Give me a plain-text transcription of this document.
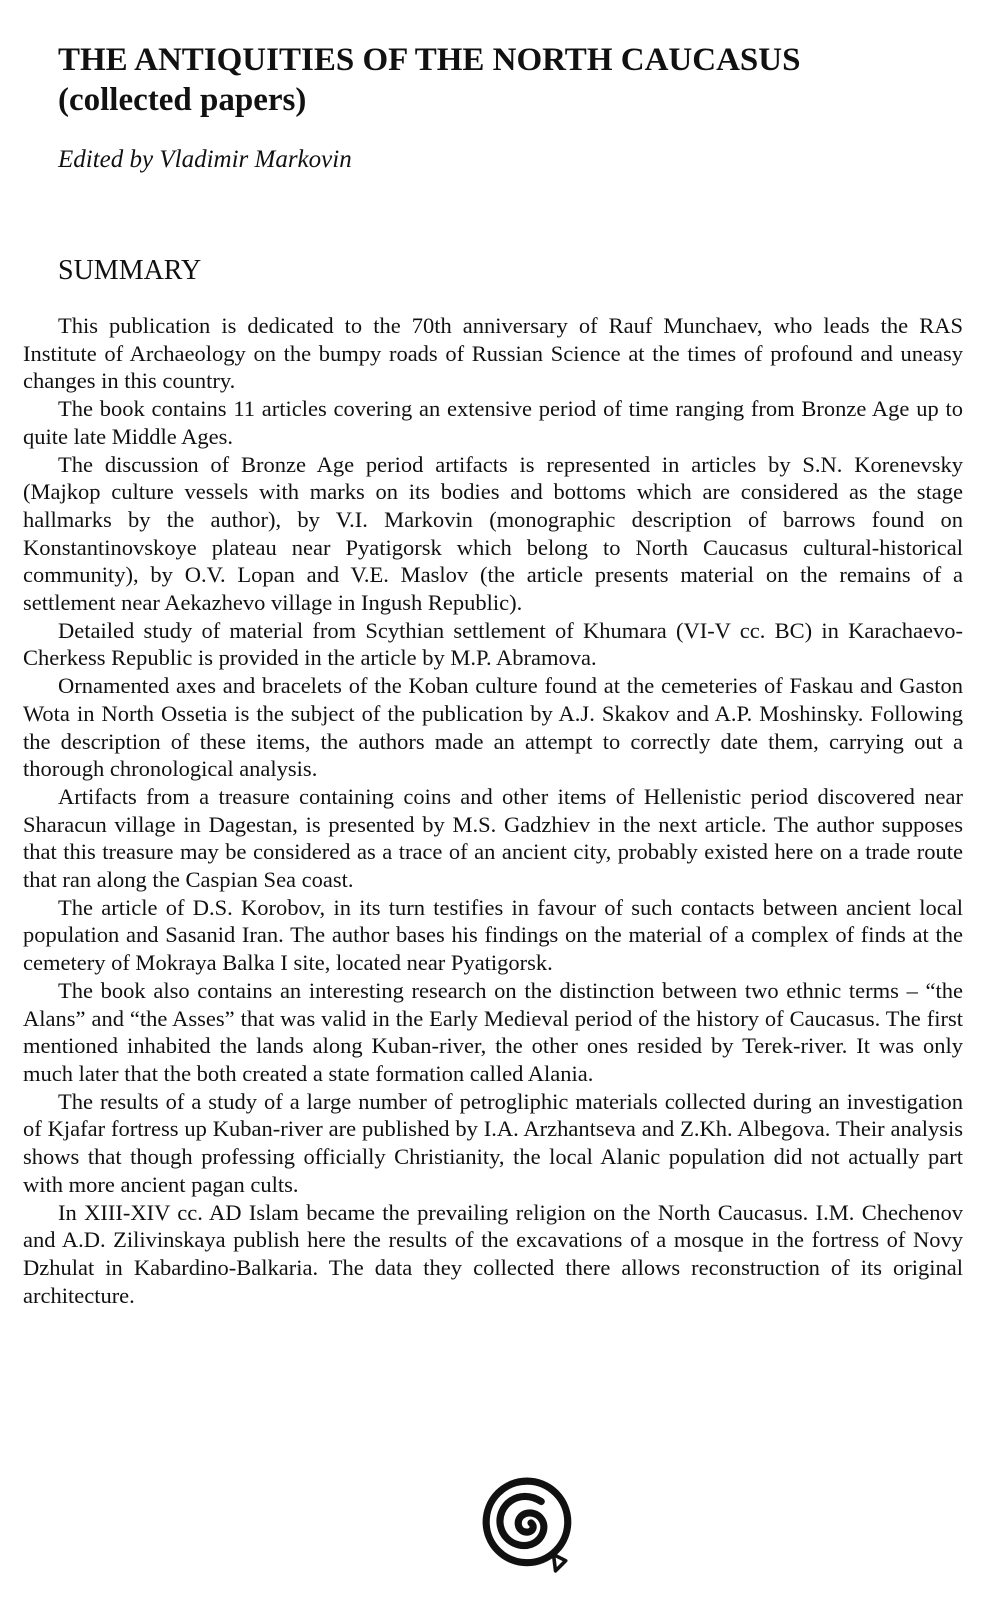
THE ANTIQUITIES OF THE NORTH CAUCASUS
(collected papers)

Edited by Vladimir Markovin

SUMMARY

This publication is dedicated to the 70th anniversary of Rauf Munchaev, who leads the RAS Institute of Archaeology on the bumpy roads of Russian Science at the times of profound and uneasy changes in this country.

The book contains 11 articles covering an extensive period of time ranging from Bronze Age up to quite late Middle Ages.

The discussion of Bronze Age period artifacts is represented in articles by S.N. Korenevsky (Majkop culture vessels with marks on its bodies and bottoms which are considered as the stage hallmarks by the author), by V.I. Markovin (monographic description of barrows found on Konstantinovskoye plateau near Pyatigorsk which belong to North Caucasus cultural-historical community), by O.V. Lopan and V.E. Maslov (the article presents material on the remains of a settlement near Aekazhevo village in Ingush Republic).

Detailed study of material from Scythian settlement of Khumara (VI-V cc. BC) in Karachaevo-Cherkess Republic is provided in the article by M.P. Abramova.

Ornamented axes and bracelets of the Koban culture found at the cemeteries of Faskau and Gaston Wota in North Ossetia is the subject of the publication by A.J. Skakov and A.P. Moshinsky. Following the description of these items, the authors made an attempt to correctly date them, carrying out a thorough chronological analysis.

Artifacts from a treasure containing coins and other items of Hellenistic period discovered near Sharacun village in Dagestan, is presented by M.S. Gadzhiev in the next article. The author supposes that this treasure may be considered as a trace of an ancient city, probably existed here on a trade route that ran along the Caspian Sea coast.

The article of D.S. Korobov, in its turn testifies in favour of such contacts between ancient local population and Sasanid Iran. The author bases his findings on the material of a complex of finds at the cemetery of Mokraya Balka I site, located near Pyatigorsk.

The book also contains an interesting research on the distinction between two ethnic terms – “the Alans” and “the Asses” that was valid in the Early Medieval period of the history of Caucasus. The first mentioned inhabited the lands along Kuban-river, the other ones resided by Terek-river. It was only much later that the both created a state formation called Alania.

The results of a study of a large number of petrogliphic materials collected during an investigation of Kjafar fortress up Kuban-river are published by I.A. Arzhantseva and Z.Kh. Albegova. Their analysis shows that though professing officially Christianity, the local Alanic population did not actually part with more ancient pagan cults.

In XIII-XIV cc. AD Islam became the prevailing religion on the North Caucasus. I.M. Chechenov and A.D. Zilivinskaya publish here the results of the excavations of a mosque in the fortress of Novy Dzhulat in Kabardino-Balkaria. The data they collected there allows reconstruction of its original architecture.
